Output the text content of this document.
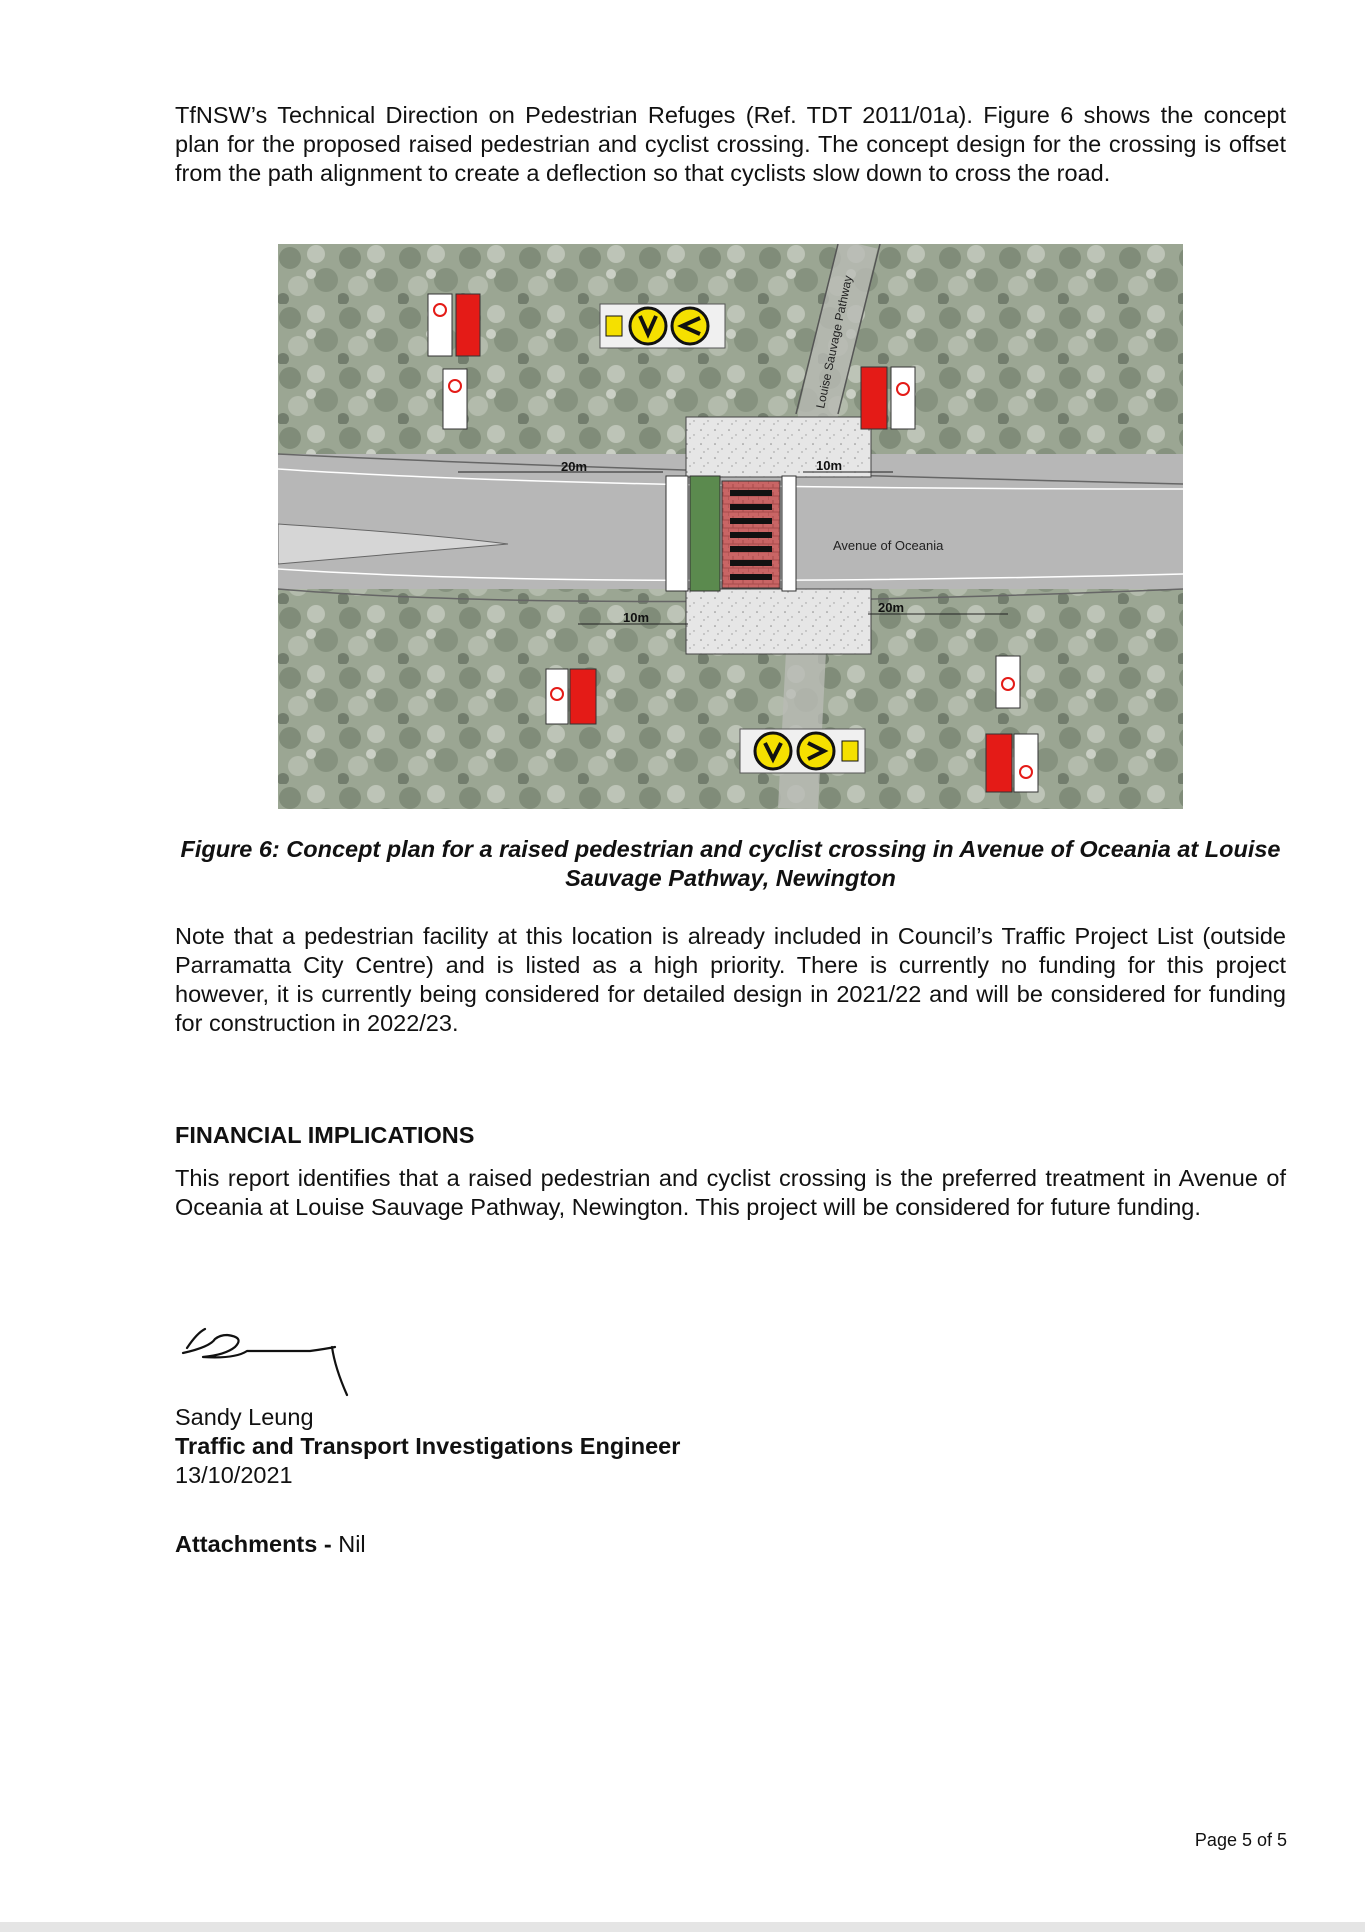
TfNSW’s Technical Direction on Pedestrian Refuges (Ref. TDT 2011/01a). Figure 6 shows the concept plan for the proposed raised pedestrian and cyclist crossing. The concept design for the crossing is offset from the path alignment to create a deflection so that cyclists slow down to cross the road.

20m	10m
10m
20m
Avenue of Oceania
Louise Sauvage Pathway

Figure 6: Concept plan for a raised pedestrian and cyclist crossing in Avenue of Oceania at Louise Sauvage Pathway, Newington

Note that a pedestrian facility at this location is already included in Council’s Traffic Project List (outside Parramatta City Centre) and is listed as a high priority. There is currently no funding for this project however, it is currently being considered for detailed design in 2021/22 and will be considered for funding for construction in 2022/23.

FINANCIAL IMPLICATIONS

This report identifies that a raised pedestrian and cyclist crossing is the preferred treatment in Avenue of Oceania at Louise Sauvage Pathway, Newington. This project will be considered for future funding.

Sandy Leung
Traffic and Transport Investigations Engineer
13/10/2021
Attachments - Nil
Page 5 of 5
